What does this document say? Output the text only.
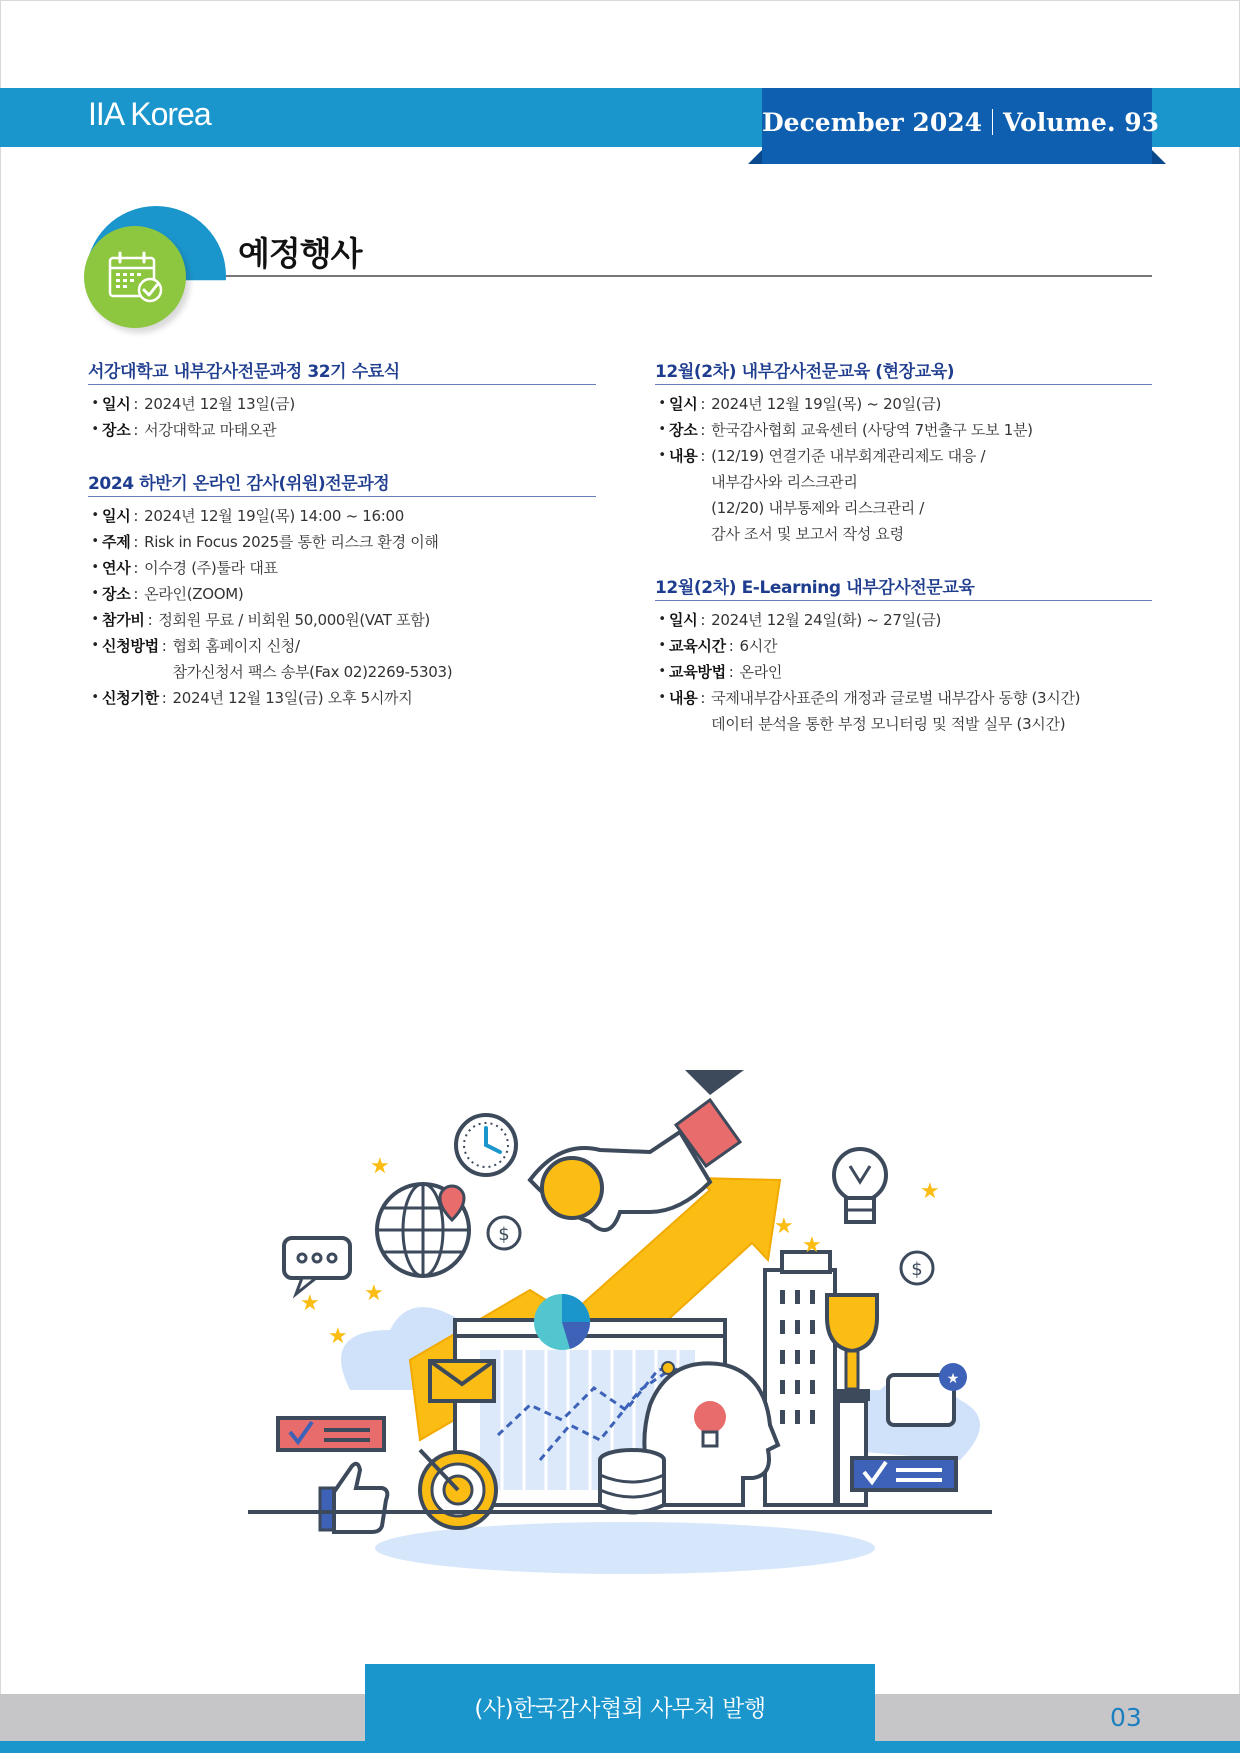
IIA Korea	December 2024 Volume. 93
예정행사
서강대학교 내부감사전문과정 32기 수료식
• 일시 : 2024년 12월 13일(금)
• 장소 : 서강대학교 마태오관
2024 하반기 온라인 감사(위원)전문과정
• 일시 : 2024년 12월 19일(목) 14:00 ~ 16:00
• 주제 : Risk in Focus 2025를 통한 리스크 환경 이해
• 연사 : 이수경 (주)툴라 대표
• 장소 : 온라인(ZOOM)
• 참가비 : 정회원 무료 / 비회원 50,000원(VAT 포함)
• 신청방법 : 협회 홈페이지 신청/
참가신청서 팩스 송부(Fax 02)2269-5303)
• 신청기한 : 2024년 12월 13일(금) 오후 5시까지
12월(2차) 내부감사전문교육 (현장교육)
• 일시 : 2024년 12월 19일(목) ~ 20일(금)
• 장소 : 한국감사협회 교육센터 (사당역 7번출구 도보 1분)
• 내용 : (12/19) 연결기준 내부회계관리제도 대응 /
내부감사와 리스크관리
(12/20) 내부통제와 리스크관리 /
감사 조서 및 보고서 작성 요령
12월(2차) E-Learning 내부감사전문교육
• 일시 : 2024년 12월 24일(화) ~ 27일(금)
• 교육시간 : 6시간
• 교육방법 : 온라인
• 내용 : 국제내부감사표준의 개정과 글로벌 내부감사 동향 (3시간)
데이터 분석을 통한 부정 모니터링 및 적발 실무 (3시간)
$
$
★
★
★ ★
★
★
★
★
(사)한국감사협회 사무처 발행	03
